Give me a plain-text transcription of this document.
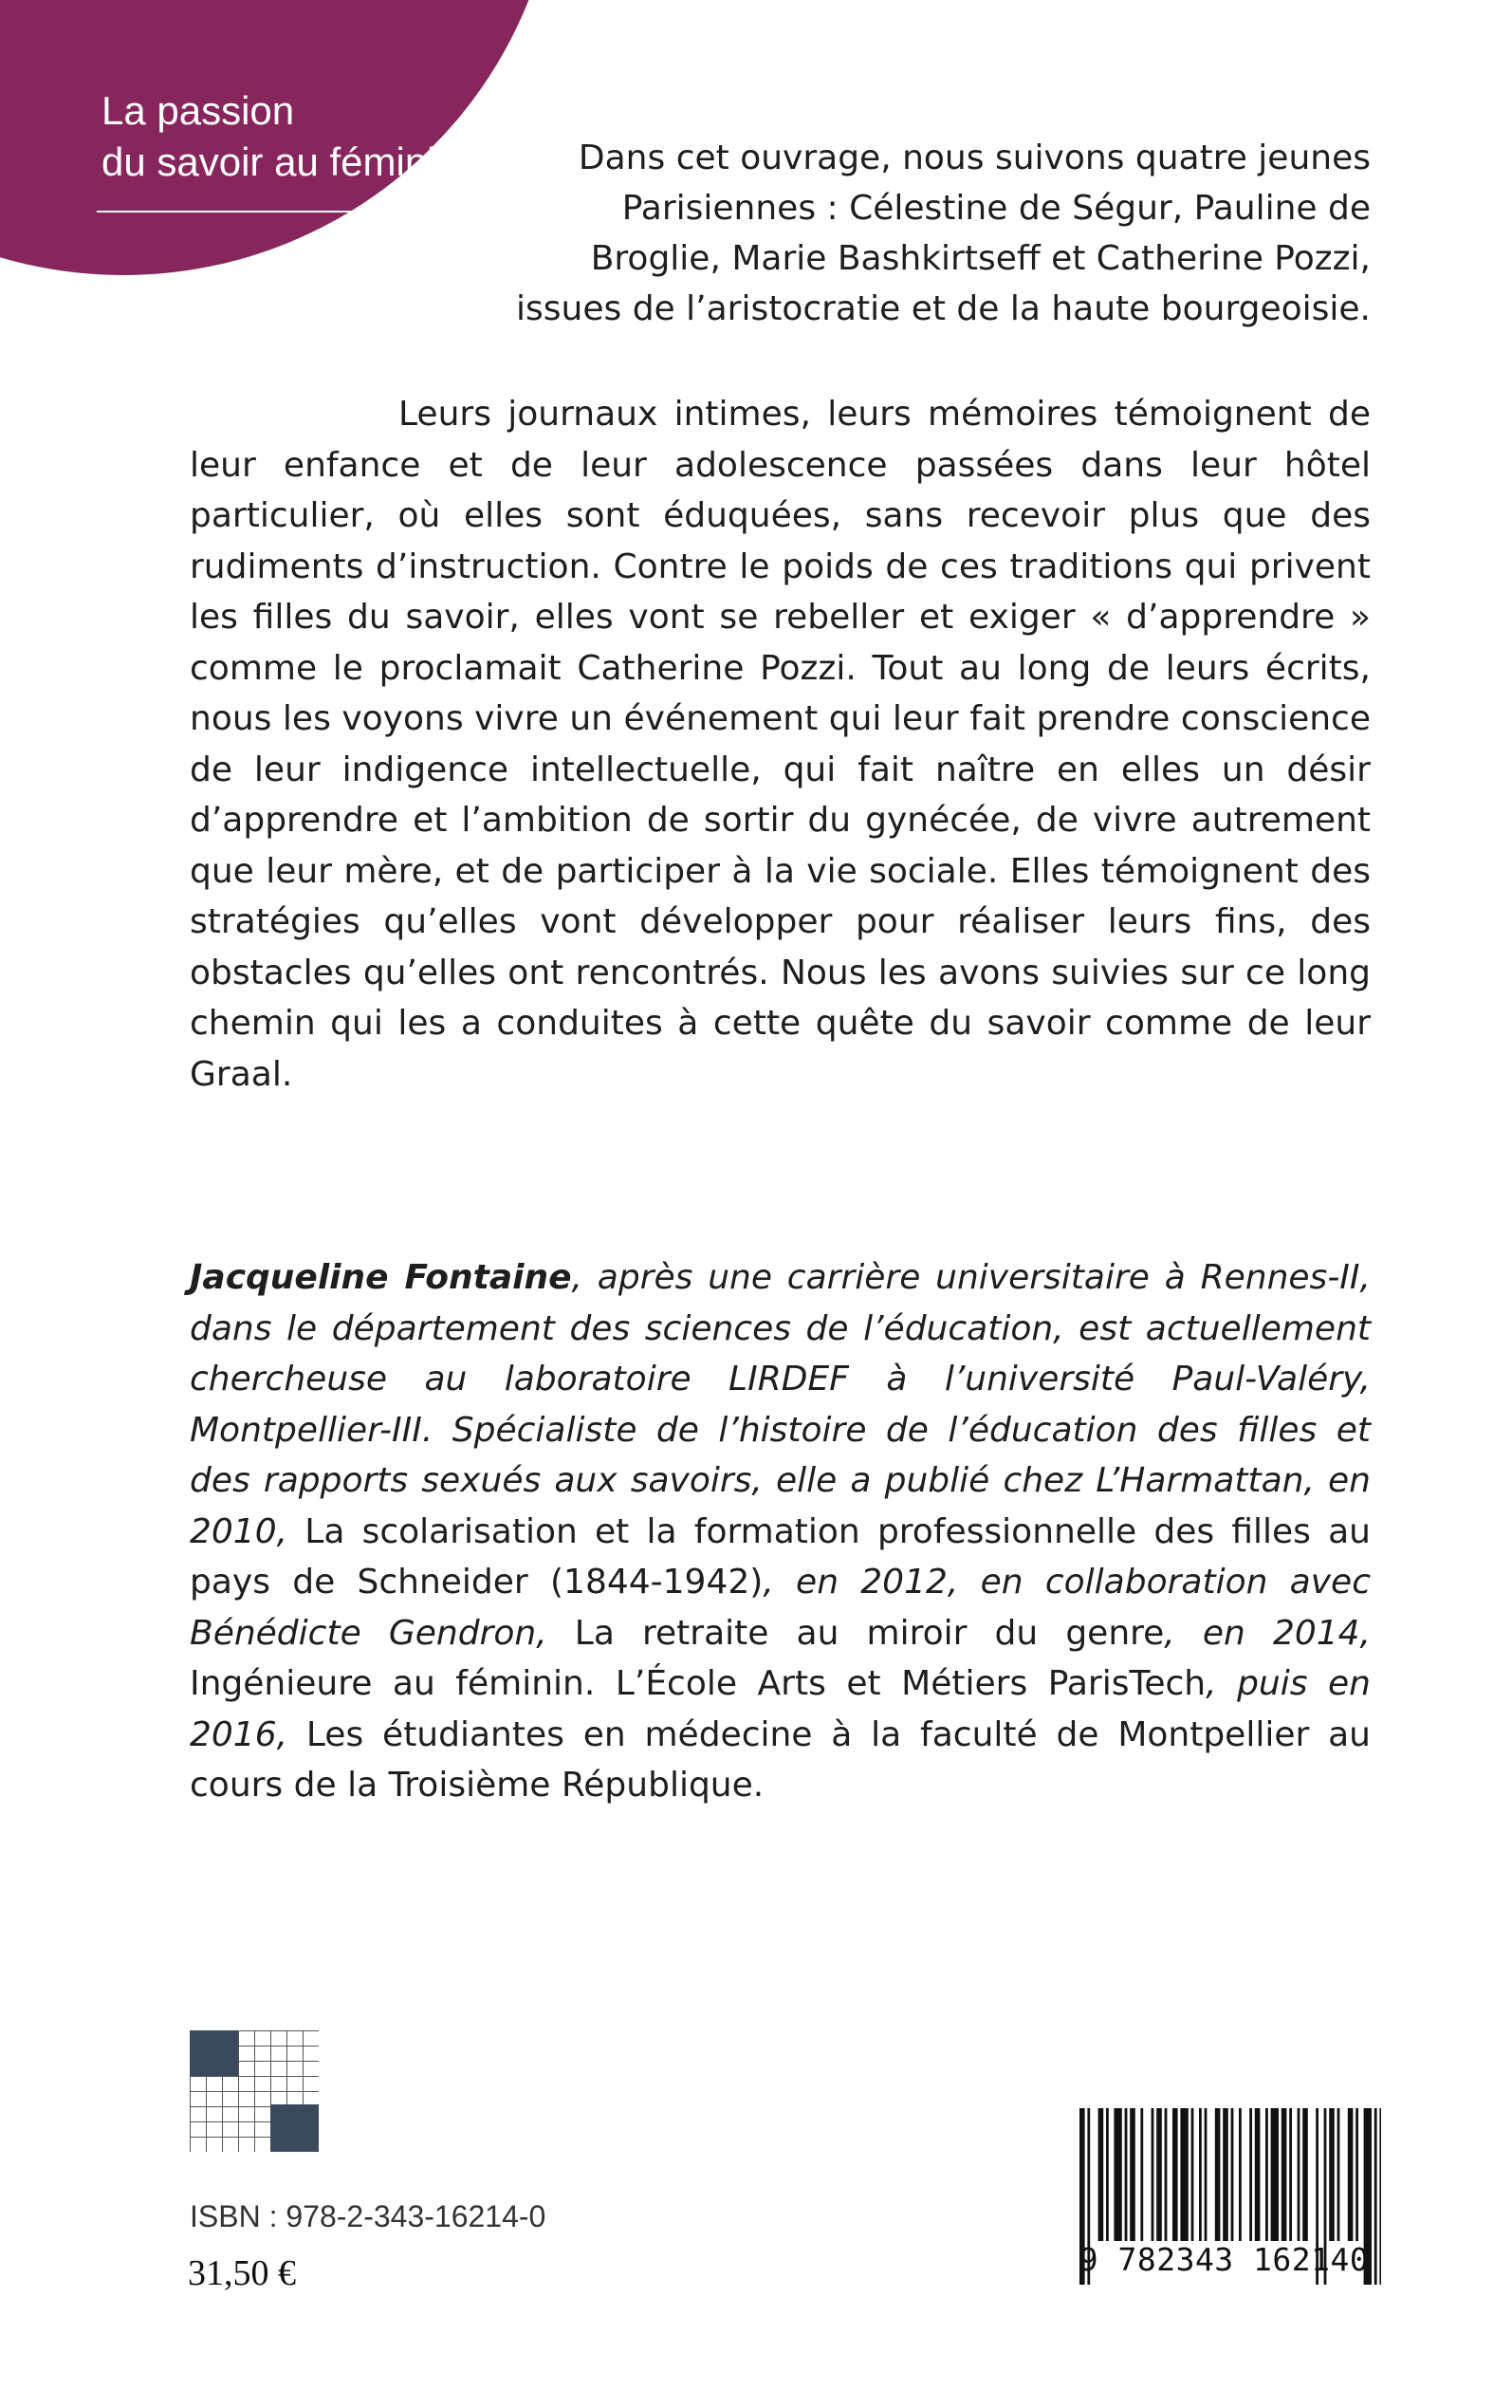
La passion
du savoir au féminin	Dans cet ouvrage, nous suivons quatre jeunes Parisiennes : Célestine de Ségur, Pauline de Broglie, Marie Bashkirtseff et Catherine Pozzi, issues de l’aristocratie et de la haute bourgeoisie.

Leurs journaux intimes, leurs mémoires témoignent de leur enfance et de leur adolescence passées dans leur hôtel particulier, où elles sont éduquées, sans recevoir plus que des rudiments d’instruction. Contre le poids de ces traditions qui privent les filles du savoir, elles vont se rebeller et exiger « d’apprendre » comme le proclamait Catherine Pozzi. Tout au long de leurs écrits, nous les voyons vivre un événement qui leur fait prendre conscience de leur indigence intellectuelle, qui fait naître en elles un désir d’apprendre et l’ambition de sortir du gynécée, de vivre autrement que leur mère, et de participer à la vie sociale. Elles témoignent des stratégies qu’elles vont développer pour réaliser leurs fins, des obstacles qu’elles ont rencontrés. Nous les avons suivies sur ce long chemin qui les a conduites à cette quête du savoir comme de leur Graal.

Jacqueline Fontaine, après une carrière universitaire à Rennes-II, dans le département des sciences de l’éducation, est actuellement chercheuse au laboratoire LIRDEF à l’université Paul-Valéry, Montpellier-III. Spécialiste de l’histoire de l’éducation des filles et des rapports sexués aux savoirs, elle a publié chez L’Harmattan, en 2010, La scolarisation et la formation professionnelle des filles au pays de Schneider (1844-1942), en 2012, en collaboration avec Bénédicte Gendron, La retraite au miroir du genre, en 2014, Ingénieure au féminin. L’École Arts et Métiers ParisTech, puis en 2016, Les étudiantes en médecine à la faculté de Montpellier au cours de la Troisième République.

ISBN : 978-2-343-16214-0

31,50 €	9 782343 162140
